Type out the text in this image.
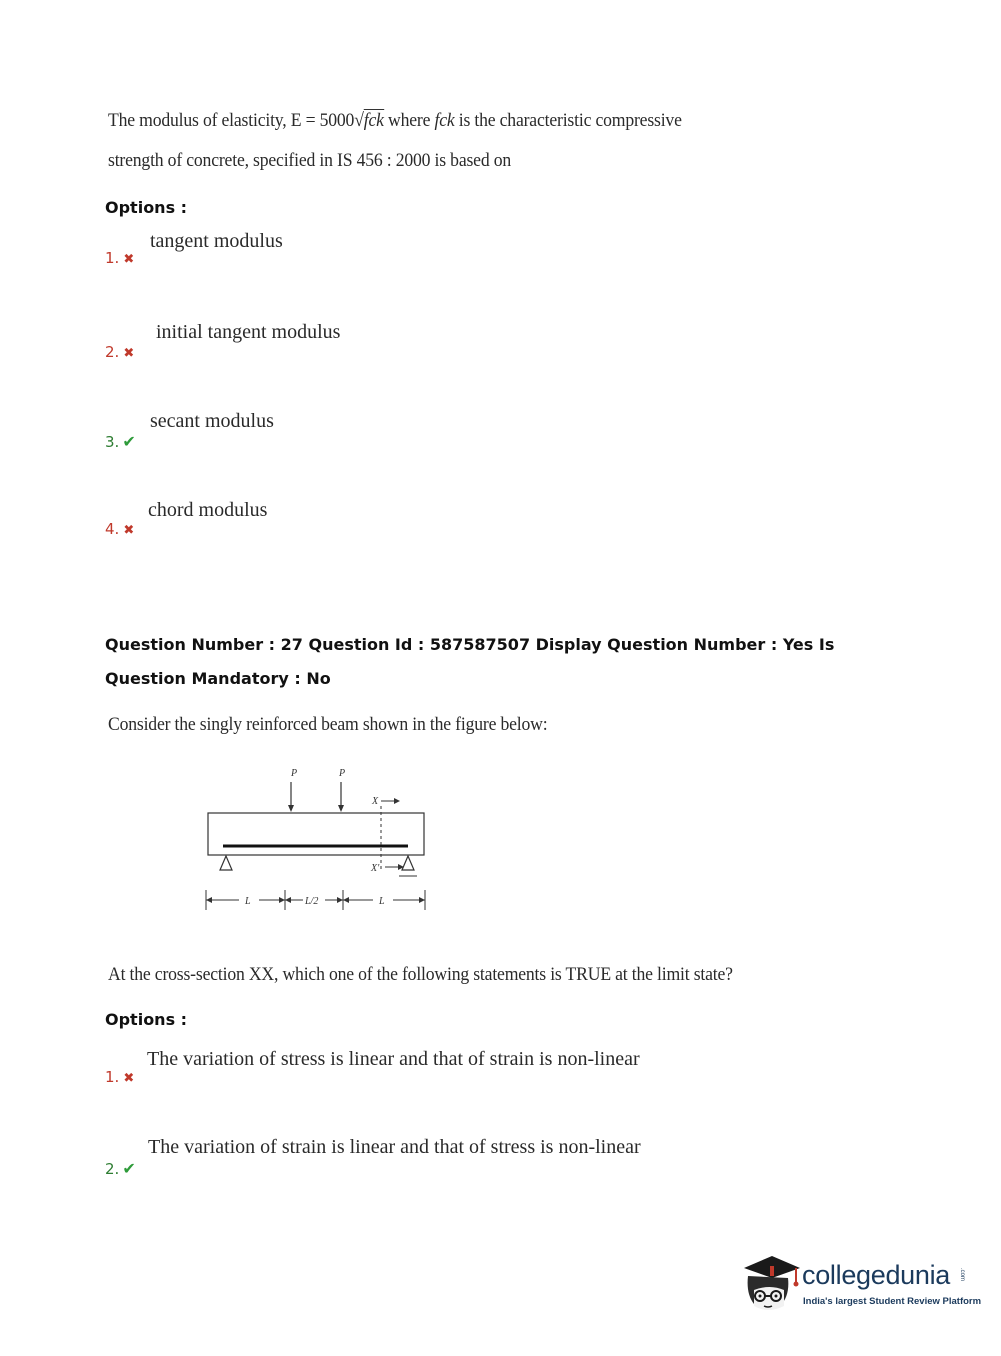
The modulus of elasticity, E = 5000√fck where fck is the characteristic compressive
strength of concrete, specified in IS 456 : 2000 is based on
Options :
1. ✖
tangent modulus
2. ✖
initial tangent modulus
3. ✔
secant modulus
4. ✖
chord modulus
Question Number : 27 Question Id : 587587507 Display Question Number : Yes Is Question Mandatory : No
Consider the singly reinforced beam shown in the figure below:
P	P
X
X'
L	L/2	L
At the cross-section XX, which one of the following statements is TRUE at the limit state?
Options :
1. ✖
The variation of stress is linear and that of strain is non-linear
2. ✔
The variation of strain is linear and that of stress is non-linear
collegedunia .com
India's largest Student Review Platform
